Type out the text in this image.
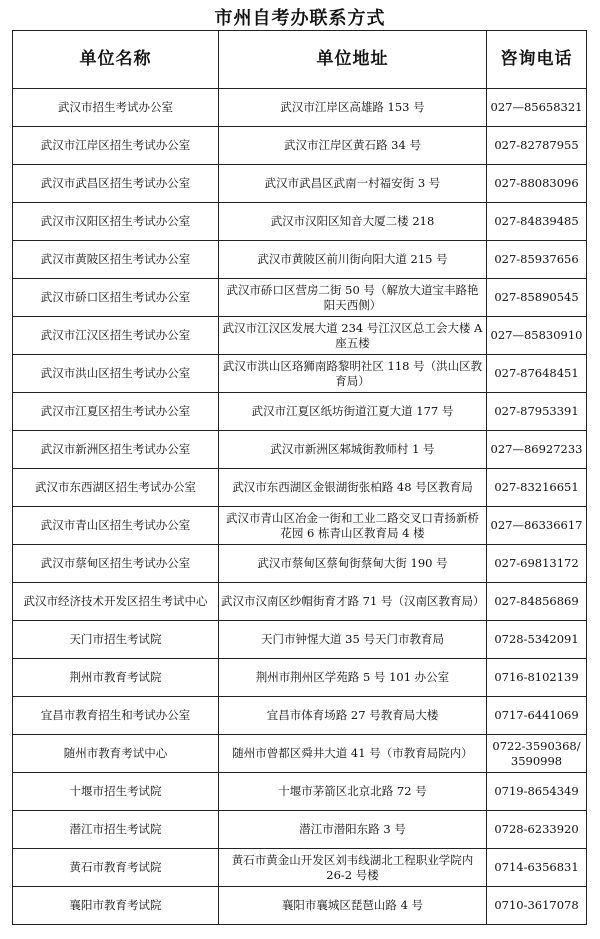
市州自考办联系方式
单位名称	单位地址	咨询电话
武汉市招生考试办公室	武汉市江岸区高雄路 153 号	027—85658321
武汉市江岸区招生考试办公室	武汉市江岸区黄石路 34 号	027-82787955
武汉市武昌区招生考试办公室	武汉市武昌区武南一村福安街 3 号	027-88083096
武汉市汉阳区招生考试办公室	武汉市汉阳区知音大厦二楼 218	027-84839485
武汉市黄陂区招生考试办公室	武汉市黄陂区前川街向阳大道 215 号	027-85937656
武汉市硚口区招生考试办公室	武汉市硚口区营房二街 50 号（解放大道宝丰路艳阳天西侧）	027-85890545
武汉市江汉区招生考试办公室	武汉市江汉区发展大道 234 号江汉区总工会大楼 A 座五楼	027—85830910
武汉市洪山区招生考试办公室	武汉市洪山区珞狮南路黎明社区 118 号（洪山区教育局）	027-87648451
武汉市江夏区招生考试办公室	武汉市江夏区纸坊街道江夏大道 177 号	027-87953391
武汉市新洲区招生考试办公室	武汉市新洲区邾城街教师村 1 号	027—86927233
武汉市东西湖区招生考试办公室	武汉市东西湖区金银湖街张柏路 48 号区教育局	027-83216651
武汉市青山区招生考试办公室	武汉市青山区冶金一街和工业二路交叉口青扬新桥花园 6 栋青山区教育局 4 楼	027—86336617
武汉市蔡甸区招生考试办公室	武汉市蔡甸区蔡甸街蔡甸大街 190 号	027-69813172
武汉市经济技术开发区招生考试中心	武汉市汉南区纱帽街育才路 71 号（汉南区教育局）	027-84856869
天门市招生考试院	天门市钟惺大道 35 号天门市教育局	0728-5342091
荆州市教育考试院	荆州市荆州区学苑路 5 号 101 办公室	0716-8102139
宜昌市教育招生和考试办公室	宜昌市体育场路 27 号教育局大楼	0717-6441069
随州市教育考试中心	随州市曾都区舜井大道 41 号（市教育局院内）	0722-3590368/3590998
十堰市招生考试院	十堰市茅箭区北京北路 72 号	0719-8654349
潜江市招生考试院	潜江市潜阳东路 3 号	0728-6233920
黄石市教育考试院	黄石市黄金山开发区刘韦线湖北工程职业学院内 26-2 号楼	0714-6356831
襄阳市教育考试院	襄阳市襄城区琵琶山路 4 号	0710-3617078
